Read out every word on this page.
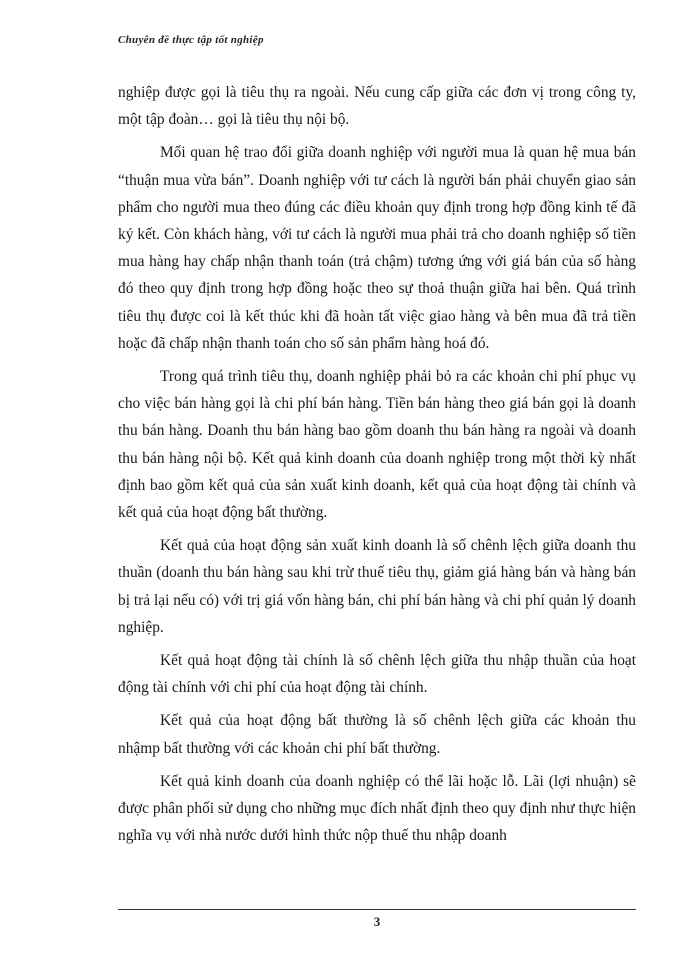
Chuyên đề thực tập tốt nghiệp

nghiệp được gọi là tiêu thụ ra ngoài. Nếu cung cấp giữa các đơn vị trong công ty, một tập đoàn… gọi là tiêu thụ nội bộ.

Mối quan hệ trao đổi giữa doanh nghiệp với người mua là quan hệ mua bán “thuận mua vừa bán”. Doanh nghiệp với tư cách là người bán phải chuyển giao sản phẩm cho người mua theo đúng các điều khoản quy định trong hợp đồng kinh tế đã ký kết. Còn khách hàng, với tư cách là người mua phải trả cho doanh nghiệp số tiền mua hàng hay chấp nhận thanh toán (trả chậm) tương ứng với giá bán của số hàng đó theo quy định trong hợp đồng hoặc theo sự thoả thuận giữa hai bên. Quá trình tiêu thụ được coi là kết thúc khi đã hoàn tất việc giao hàng và bên mua đã trả tiền hoặc đã chấp nhận thanh toán cho số sản phẩm hàng hoá đó.

Trong quá trình tiêu thụ, doanh nghiệp phải bỏ ra các khoản chi phí phục vụ cho việc bán hàng gọi là chi phí bán hàng. Tiền bán hàng theo giá bán gọi là doanh thu bán hàng. Doanh thu bán hàng bao gồm doanh thu bán hàng ra ngoài và doanh thu bán hàng nội bộ. Kết quả kinh doanh của doanh nghiệp trong một thời kỳ nhất định bao gồm kết quả của sản xuất kinh doanh, kết quả của hoạt động tài chính và kết quả của hoạt động bất thường.

Kết quả của hoạt động sản xuất kinh doanh là số chênh lệch giữa doanh thu thuần (doanh thu bán hàng sau khi trừ thuế tiêu thụ, giảm giá hàng bán và hàng bán bị trả lại nếu có) với trị giá vốn hàng bán, chi phí bán hàng và chi phí quản lý doanh nghiệp.

Kết quả hoạt động tài chính là số chênh lệch giữa thu nhập thuần của hoạt động tài chính với chi phí của hoạt động tài chính.

Kết quả của hoạt động bất thường là số chênh lệch giữa các khoản thu nhậmp bất thường với các khoản chi phí bất thường.

Kết quả kinh doanh của doanh nghiệp có thể lãi hoặc lỗ. Lãi (lợi nhuận) sẽ được phân phối sử dụng cho những mục đích nhất định theo quy định như thực hiện nghĩa vụ với nhà nước dưới hình thức nộp thuế thu nhập doanh

3
